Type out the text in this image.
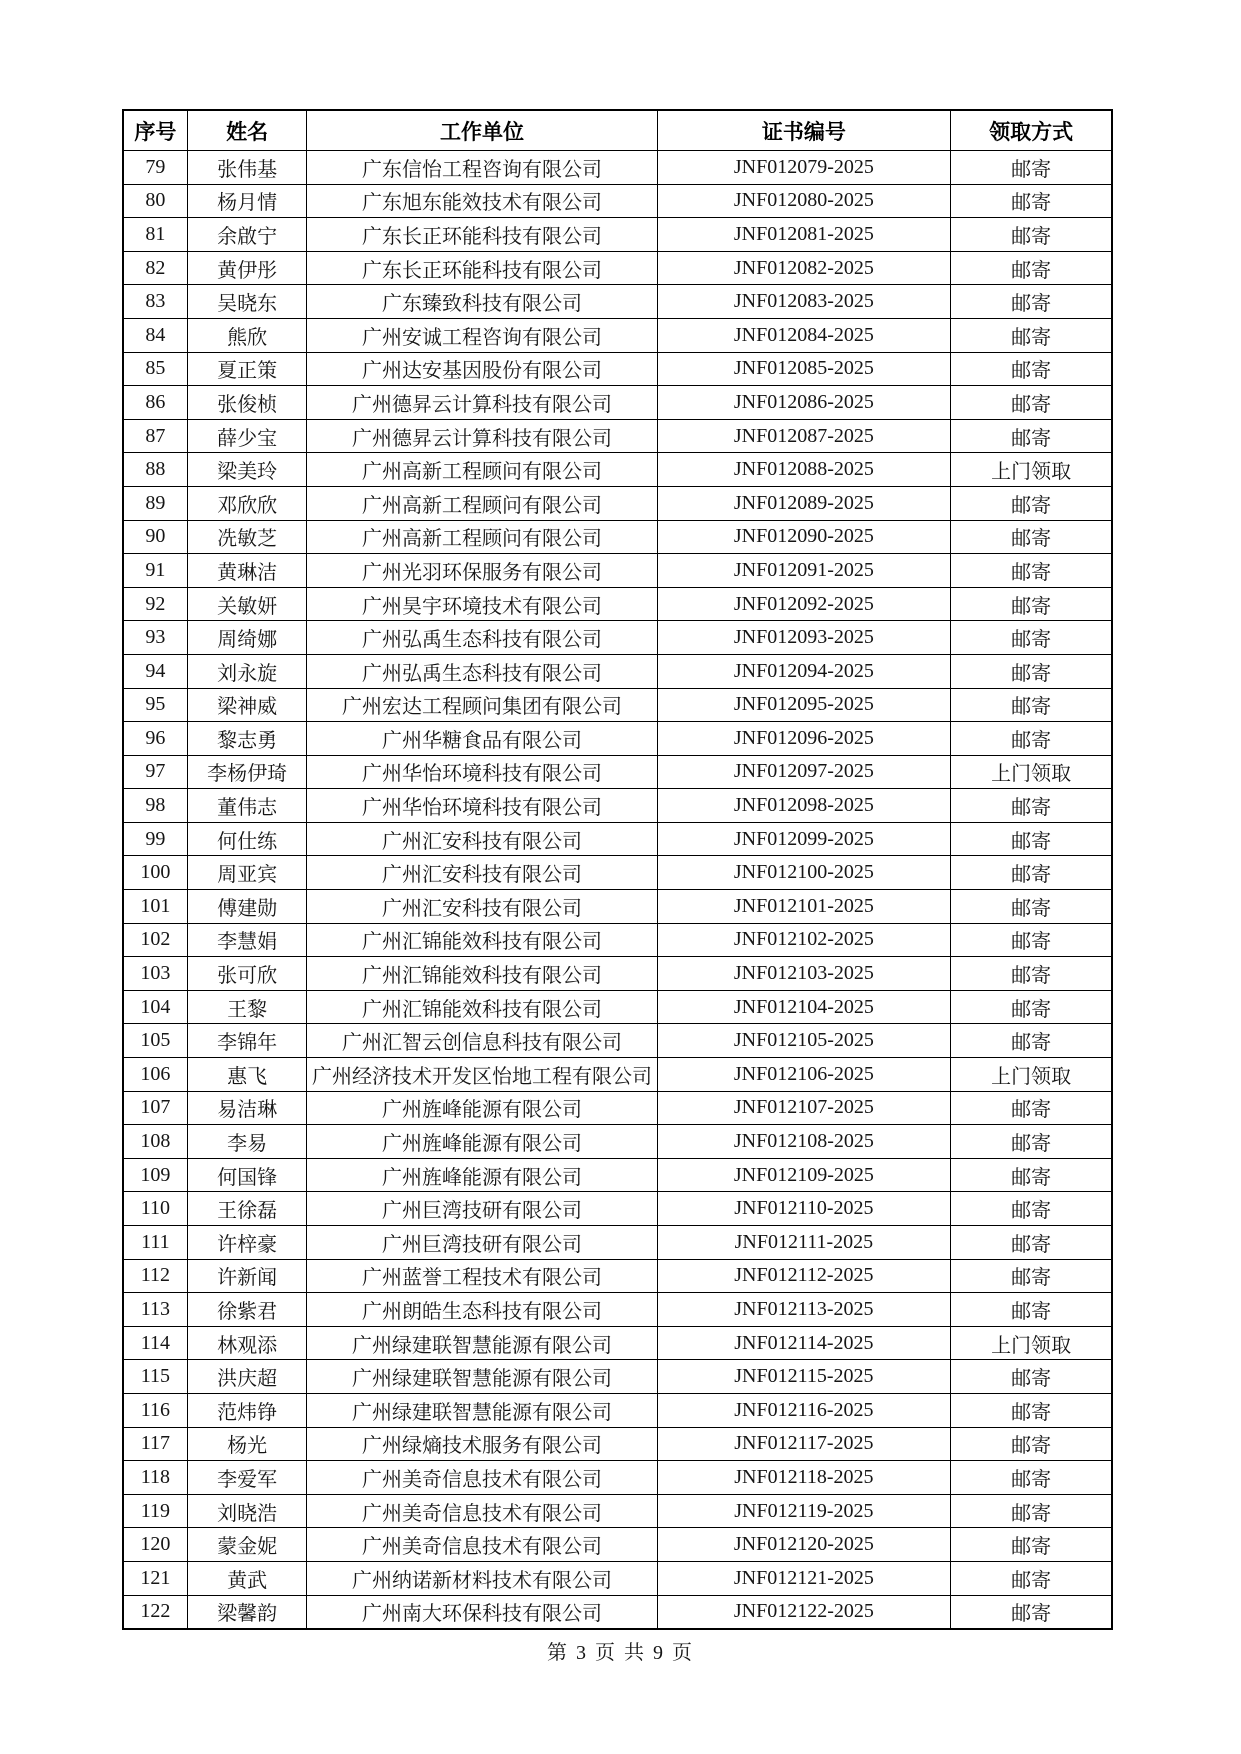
序号	姓名	工作单位	证书编号	领取方式
79	张伟基	广东信怡工程咨询有限公司	JNF012079-2025	邮寄
80	杨月情	广东旭东能效技术有限公司	JNF012080-2025	邮寄
81	余啟宁	广东长正环能科技有限公司	JNF012081-2025	邮寄
82	黄伊彤	广东长正环能科技有限公司	JNF012082-2025	邮寄
83	吴晓东	广东臻致科技有限公司	JNF012083-2025	邮寄
84	熊欣	广州安诚工程咨询有限公司	JNF012084-2025	邮寄
85	夏正策	广州达安基因股份有限公司	JNF012085-2025	邮寄
86	张俊桢	广州德昇云计算科技有限公司	JNF012086-2025	邮寄
87	薛少宝	广州德昇云计算科技有限公司	JNF012087-2025	邮寄
88	梁美玲	广州高新工程顾问有限公司	JNF012088-2025	上门领取
89	邓欣欣	广州高新工程顾问有限公司	JNF012089-2025	邮寄
90	冼敏芝	广州高新工程顾问有限公司	JNF012090-2025	邮寄
91	黄琳洁	广州光羽环保服务有限公司	JNF012091-2025	邮寄
92	关敏妍	广州昊宇环境技术有限公司	JNF012092-2025	邮寄
93	周绮娜	广州弘禹生态科技有限公司	JNF012093-2025	邮寄
94	刘永旋	广州弘禹生态科技有限公司	JNF012094-2025	邮寄
95	梁神威	广州宏达工程顾问集团有限公司	JNF012095-2025	邮寄
96	黎志勇	广州华糖食品有限公司	JNF012096-2025	邮寄
97	李杨伊琦	广州华怡环境科技有限公司	JNF012097-2025	上门领取
98	董伟志	广州华怡环境科技有限公司	JNF012098-2025	邮寄
99	何仕练	广州汇安科技有限公司	JNF012099-2025	邮寄
100	周亚宾	广州汇安科技有限公司	JNF012100-2025	邮寄
101	傅建勋	广州汇安科技有限公司	JNF012101-2025	邮寄
102	李慧娟	广州汇锦能效科技有限公司	JNF012102-2025	邮寄
103	张可欣	广州汇锦能效科技有限公司	JNF012103-2025	邮寄
104	王黎	广州汇锦能效科技有限公司	JNF012104-2025	邮寄
105	李锦年	广州汇智云创信息科技有限公司	JNF012105-2025	邮寄
106	惠飞	广州经济技术开发区怡地工程有限公司	JNF012106-2025	上门领取
107	易洁琳	广州旌峰能源有限公司	JNF012107-2025	邮寄
108	李易	广州旌峰能源有限公司	JNF012108-2025	邮寄
109	何国锋	广州旌峰能源有限公司	JNF012109-2025	邮寄
110	王徐磊	广州巨湾技研有限公司	JNF012110-2025	邮寄
111	许梓豪	广州巨湾技研有限公司	JNF012111-2025	邮寄
112	许新闻	广州蓝誉工程技术有限公司	JNF012112-2025	邮寄
113	徐紫君	广州朗皓生态科技有限公司	JNF012113-2025	邮寄
114	林观添	广州绿建联智慧能源有限公司	JNF012114-2025	上门领取
115	洪庆超	广州绿建联智慧能源有限公司	JNF012115-2025	邮寄
116	范炜铮	广州绿建联智慧能源有限公司	JNF012116-2025	邮寄
117	杨光	广州绿熵技术服务有限公司	JNF012117-2025	邮寄
118	李爱军	广州美奇信息技术有限公司	JNF012118-2025	邮寄
119	刘晓浩	广州美奇信息技术有限公司	JNF012119-2025	邮寄
120	蒙金妮	广州美奇信息技术有限公司	JNF012120-2025	邮寄
121	黄武	广州纳诺新材料技术有限公司	JNF012121-2025	邮寄
122	梁馨韵	广州南大环保科技有限公司	JNF012122-2025	邮寄
第 3 页 共 9 页
